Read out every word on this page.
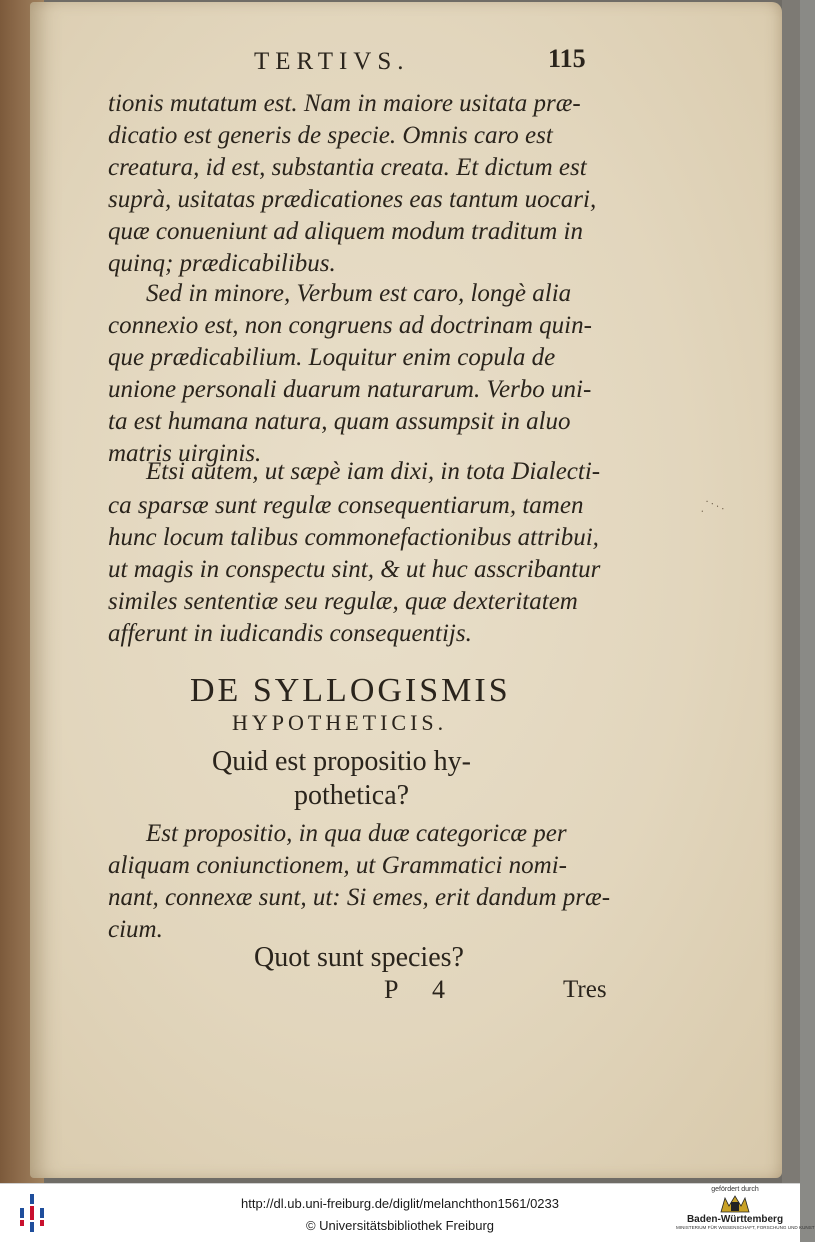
TERTIVS.	115
tionis mutatum est. Nam in maiore usitata præ-
dicatio est generis de specie. Omnis caro est
creatura, id est, substantia creata. Et dictum est
suprà, usitatas prædicationes eas tantum uocari,
quæ conueniunt ad aliquem modum traditum in
quinq; prædicabilibus.
Sed in minore, Verbum est caro, longè alia
connexio est, non congruens ad doctrinam quin-
que prædicabilium. Loquitur enim copula de
unione personali duarum naturarum. Verbo uni-
ta est humana natura, quam assumpsit in aluo
matris uirginis.
Etsi autem, ut sæpè iam dixi, in tota Dialecti-
ca sparsæ sunt regulæ consequentiarum, tamen
hunc locum talibus commonefactionibus attribui,
ut magis in conspectu sint, & ut huc asscribantur
similes sententiæ seu regulæ, quæ dexteritatem
afferunt in iudicandis consequentijs.
· · · · ·
DE SYLLOGISMIS
HYPOTHETICIS.
Quid est propositio hy-
pothetica?
Est propositio, in qua duæ categoricæ per
aliquam coniunctionem, ut Grammatici nomi-
nant, connexæ sunt, ut: Si emes, erit dandum præ-
cium.
Quot sunt species?
P 4	Tres
http://dl.ub.uni-freiburg.de/diglit/melanchthon1561/0233
© Universitätsbibliothek Freiburg
gefördert durch
Baden-Württemberg
MINISTERIUM FÜR WISSENSCHAFT, FORSCHUNG UND KUNST
